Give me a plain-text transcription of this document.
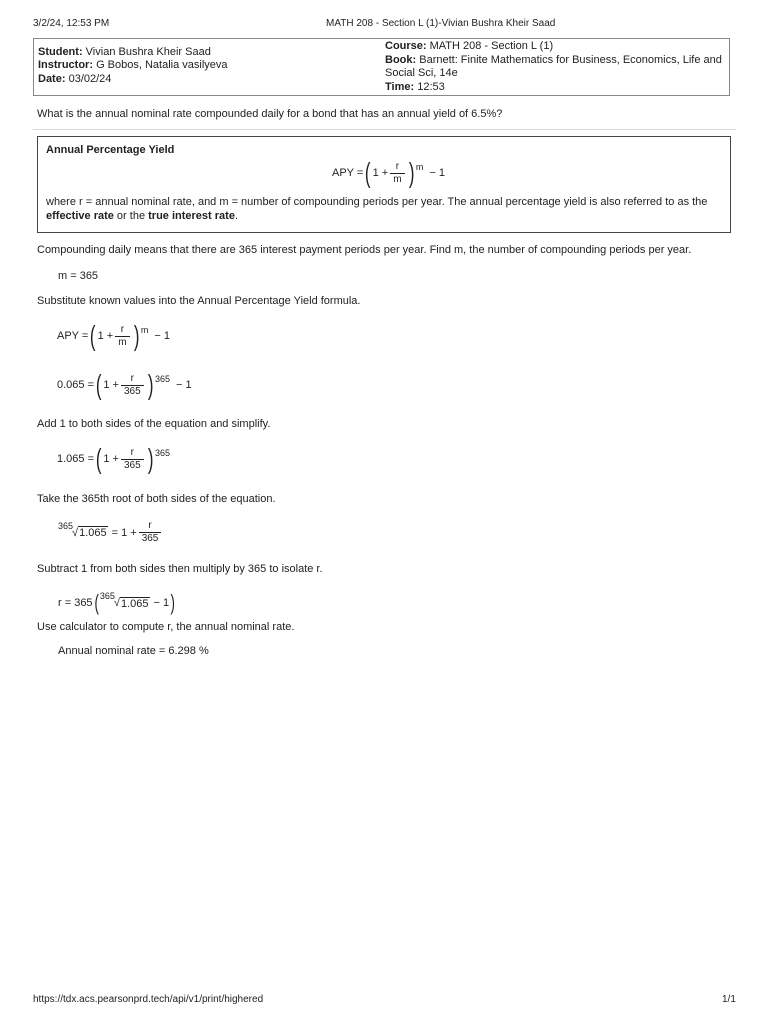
3/2/24, 12:53 PM	MATH 208 - Section L (1)-Vivian Bushra Kheir Saad
Student: Vivian Bushra Kheir Saad
Instructor: G Bobos, Natalia vasilyeva
Date: 03/02/24
Course: MATH 208 - Section L (1)
Book: Barnett: Finite Mathematics for Business, Economics, Life and
Social Sci, 14e
Time: 12:53
What is the annual nominal rate compounded daily for a bond that has an annual yield of 6.5%?
Annual Percentage Yield
APY = ( $1 + \frac{r}{m}$ ) m − 1
where r = annual nominal rate, and m = number of compounding periods per year. The annual percentage yield is also referred to as the
effective rate or the true interest rate.
Compounding daily means that there are 365 interest payment periods per year. Find m, the number of compounding periods per year.
m = 365
Substitute known values into the Annual Percentage Yield formula.
APY = ( $1 + \frac{r}{m}$ ) m − 1
0.065 = ( $1 + \frac{r}{365}$ ) 365 − 1
Add 1 to both sides of the equation and simplify.
1.065 = ( $1 + \frac{r}{365}$ ) 365
Take the 365th root of both sides of the equation.
365
√ $1.065 = 1 + \frac{r}{365}$
Subtract 1 from both sides then multiply by 365 to isolate r.
r = 365 ( 365
√ 1.065 − 1 )
Use calculator to compute r, the annual nominal rate.
Annual nominal rate = 6.298 %
https://tdx.acs.pearsonprd.tech/api/v1/print/highered	1/1
